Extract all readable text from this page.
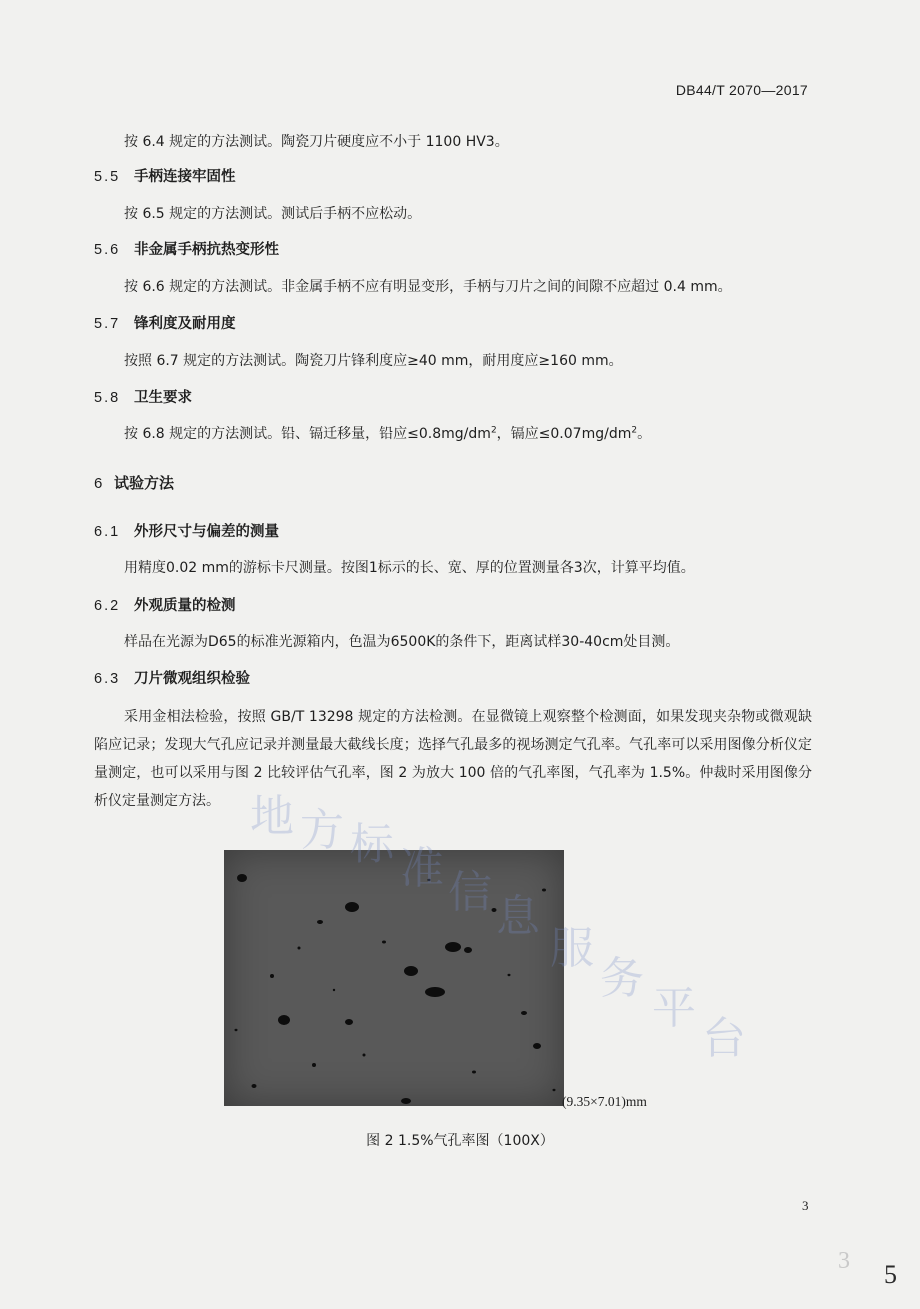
DB44/T 2070—2017
按 6.4 规定的方法测试。陶瓷刀片硬度应不小于 1100 HV3。
5.5 手柄连接牢固性
按 6.5 规定的方法测试。测试后手柄不应松动。
5.6 非金属手柄抗热变形性
按 6.6 规定的方法测试。非金属手柄不应有明显变形，手柄与刀片之间的间隙不应超过 0.4 mm。
5.7 锋利度及耐用度
按照 6.7 规定的方法测试。陶瓷刀片锋利度应≥40 mm，耐用度应≥160 mm。
5.8 卫生要求
按 6.8 规定的方法测试。铅、镉迁移量，铅应$\le 0.8mg/dm^2$，镉应$\le 0.07mg/dm^2$。
6 试验方法
6.1 外形尺寸与偏差的测量
用精度0.02 mm的游标卡尺测量。按图1标示的长、宽、厚的位置测量各3次，计算平均值。
6.2 外观质量的检测
样品在光源为D65的标准光源箱内，色温为6500K的条件下，距离试样30-40cm处目测。
6.3 刀片微观组织检验
采用金相法检验，按照 GB/T 13298 规定的方法检测。在显微镜上观察整个检测面，如果发现夹杂物或微观缺陷应记录；发现大气孔应记录并测量最大截线长度；选择气孔最多的视场测定气孔率。气孔率可以采用图像分析仪定量测定，也可以采用与图 2 比较评估气孔率，图 2 为放大 100 倍的气孔率图，气孔率为 1.5%。仲裁时采用图像分析仪定量测定方法。
(9.35×7.01)mm
图 2 1.5%气孔率图（100X）
地 方 标 准 信 息
服
务
平
台
3
3 5
